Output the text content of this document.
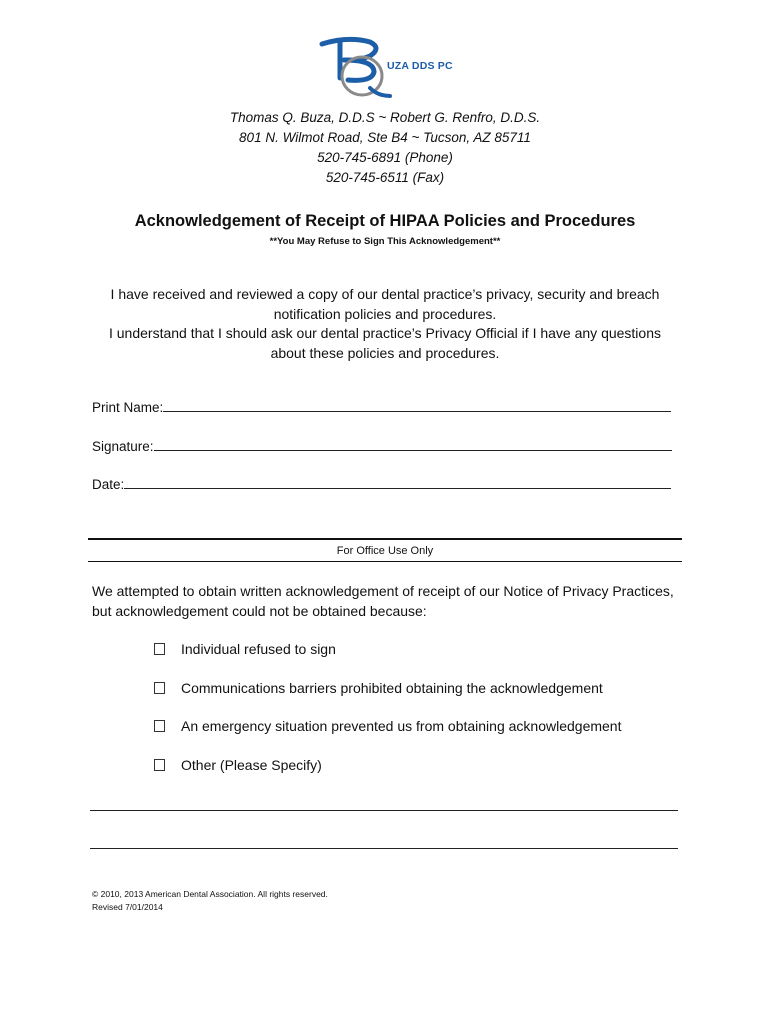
UZA DDS PC
Thomas Q. Buza, D.D.S ~ Robert G. Renfro, D.D.S.
801 N. Wilmot Road, Ste B4 ~ Tucson, AZ 85711
520-745-6891 (Phone)
520-745-6511 (Fax)
Acknowledgement of Receipt of HIPAA Policies and Procedures
**You May Refuse to Sign This Acknowledgement**
I have received and reviewed a copy of our dental practice’s privacy, security and breach notification policies and procedures.
I understand that I should ask our dental practice’s Privacy Official if I have any questions about these policies and procedures.
Print Name:
Signature:
Date:
For Office Use Only
We attempted to obtain written acknowledgement of receipt of our Notice of Privacy Practices, but acknowledgement could not be obtained because:
Individual refused to sign
Communications barriers prohibited obtaining the acknowledgement
An emergency situation prevented us from obtaining acknowledgement
Other (Please Specify)
© 2010, 2013 American Dental Association. All rights reserved.
Revised 7/01/2014
